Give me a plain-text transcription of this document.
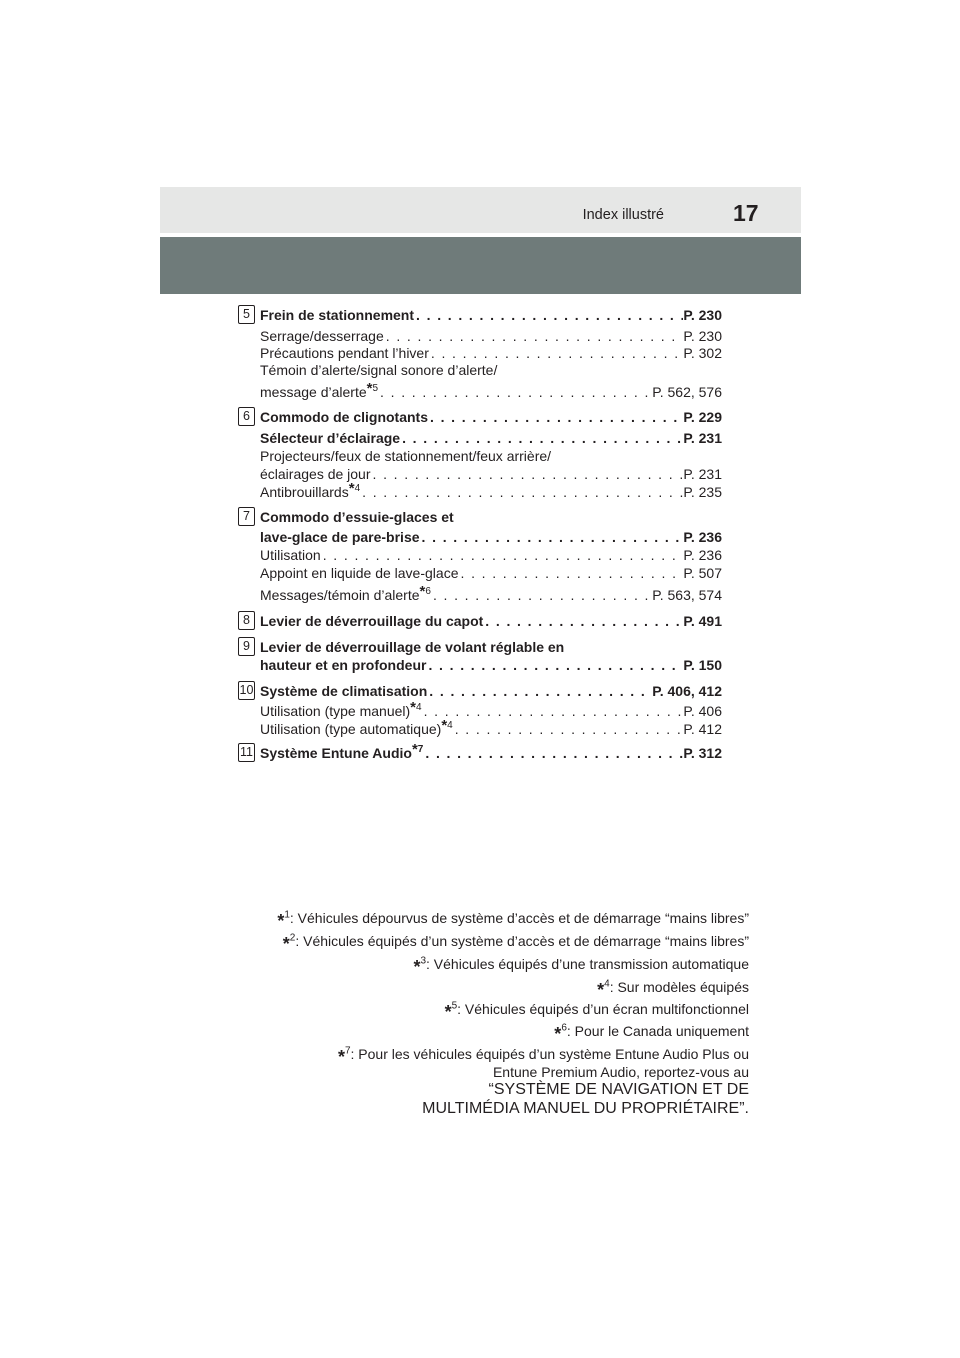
Index illustré	17
5 Frein de stationnement . . .	P. 230
Serrage/desserrage . . .	P. 230
Précautions pendant l’hiver . . .	P. 302
Témoin d’alerte/signal sonore d’alerte/
message d’alerte$^{*5}$ . . .	P. 562, 576
6 Commodo de clignotants . . .	P. 229
Sélecteur d’éclairage . . .	P. 231
Projecteurs/feux de stationnement/feux arrière/
éclairages de jour . . .	P. 231
Antibrouillards$^{*4}$ . . .	P. 235
7 Commodo d’essuie-glaces et
lave-glace de pare-brise . . .	P. 236
Utilisation . . .	P. 236
Appoint en liquide de lave-glace . . .	P. 507
Messages/témoin d’alerte$^{*6}$ . . .	P. 563, 574
8 Levier de déverrouillage du capot . . .	P. 491
9 Levier de déverrouillage de volant réglable en
hauteur et en profondeur . . .	P. 150
10 Système de climatisation . . .	P. 406, 412
Utilisation (type manuel)$^{*4}$ . . .	P. 406
Utilisation (type automatique)$^{*4}$ . . .	P. 412
11 Système Entune Audio$^{*7}$ . . .	P. 312
*$^1$: Véhicules dépourvus de système d’accès et de démarrage “mains libres”
*$^2$: Véhicules équipés d’un système d’accès et de démarrage “mains libres”
*$^3$: Véhicules équipés d’une transmission automatique
*$^4$: Sur modèles équipés
*$^5$: Véhicules équipés d’un écran multifonctionnel
*$^6$: Pour le Canada uniquement
*$^7$: Pour les véhicules équipés d’un système Entune Audio Plus ou
Entune Premium Audio, reportez-vous au
“SYSTÈME DE NAVIGATION ET DE
MULTIMÉDIA MANUEL DU PROPRIÉTAIRE”.
